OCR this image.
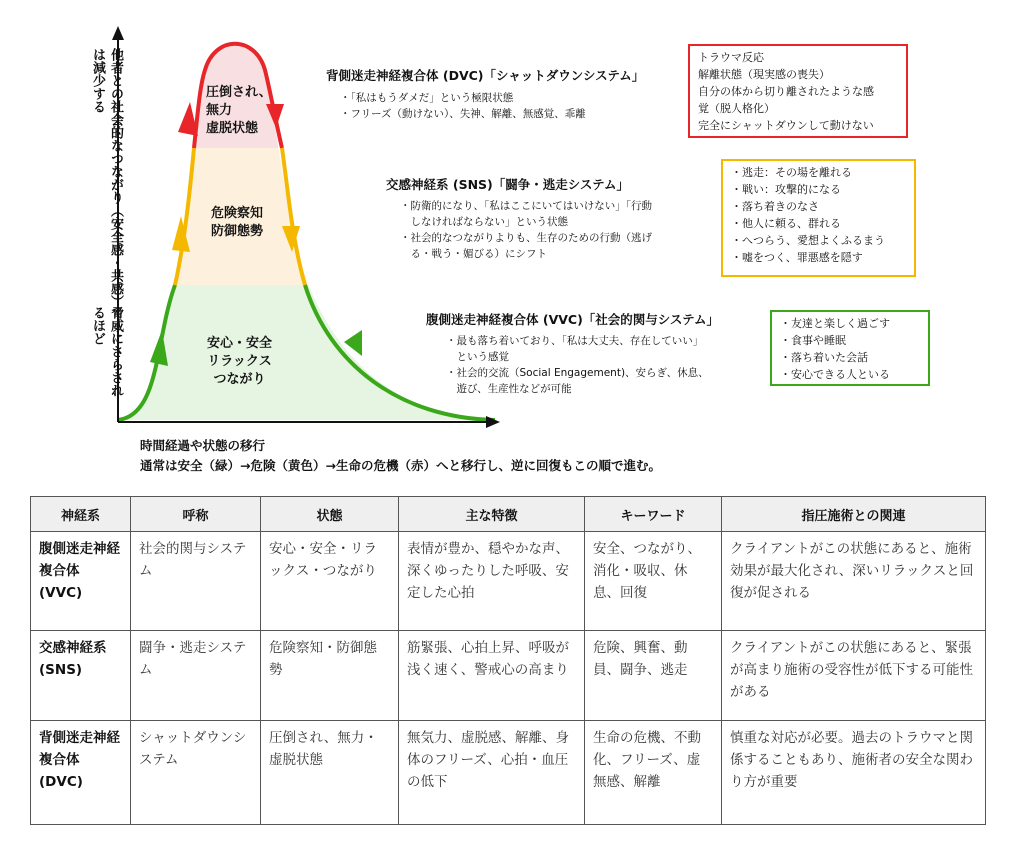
脅威にさらされるほど
他者との社会的なつながり（安全感・共感）は減少する	圧倒され、
無力
虚脱状態
危険察知
防御態勢
安心・安全
リラックス
つながり
背側迷走神経複合体 (DVC)「シャットダウンシステム」
・「私はもうダメだ」という極限状態
・フリーズ（動けない）、失神、解離、無感覚、乖離
トラウマ反応
解離状態（現実感の喪失）
自分の体から切り離されたような感
覚（脱人格化）
完全にシャットダウンして動けない
交感神経系 (SNS)「闘争・逃走システム」
・防衛的になり、「私はここにいてはいけない」「行動
　しなければならない」という状態
・社会的なつながりよりも、生存のための行動（逃げ
　る・戦う・媚びる）にシフト
・逃走：その場を離れる
・戦い：攻撃的になる
・落ち着きのなさ
・他人に頼る、群れる
・へつらう、愛想よくふるまう
・嘘をつく、罪悪感を隠す
腹側迷走神経複合体 (VVC)「社会的関与システム」
・最も落ち着いており、「私は大丈夫、存在していい」
　という感覚
・社会的交流（Social Engagement)、安らぎ、休息、
　遊び、生産性などが可能
・友達と楽しく過ごす
・食事や睡眠
・落ち着いた会話
・安心できる人といる
時間経過や状態の移行
通常は安全（緑）→危険（黄色）→生命の危機（赤）へと移行し、逆に回復もこの順で進む。
神経系	呼称	状態	主な特徴	キーワード	指圧施術との関連
腹側迷走神経複合体 (VVC)	社会的関与システム	安心・安全・リラックス・つながり	表情が豊か、穏やかな声、深くゆったりした呼吸、安定した心拍	安全、つながり、消化・吸収、休息、回復	クライアントがこの状態にあると、施術効果が最大化され、深いリラックスと回復が促される
交感神経系 (SNS)	闘争・逃走システム	危険察知・防御態勢	筋緊張、心拍上昇、呼吸が浅く速く、警戒心の高まり	危険、興奮、動員、闘争、逃走	クライアントがこの状態にあると、緊張が高まり施術の受容性が低下する可能性がある
背側迷走神経複合体 (DVC)	シャットダウンシステム	圧倒され、無力・虚脱状態	無気力、虚脱感、解離、身体のフリーズ、心拍・血圧の低下	生命の危機、不動化、フリーズ、虚無感、解離	慎重な対応が必要。過去のトラウマと関係することもあり、施術者の安全な関わり方が重要
